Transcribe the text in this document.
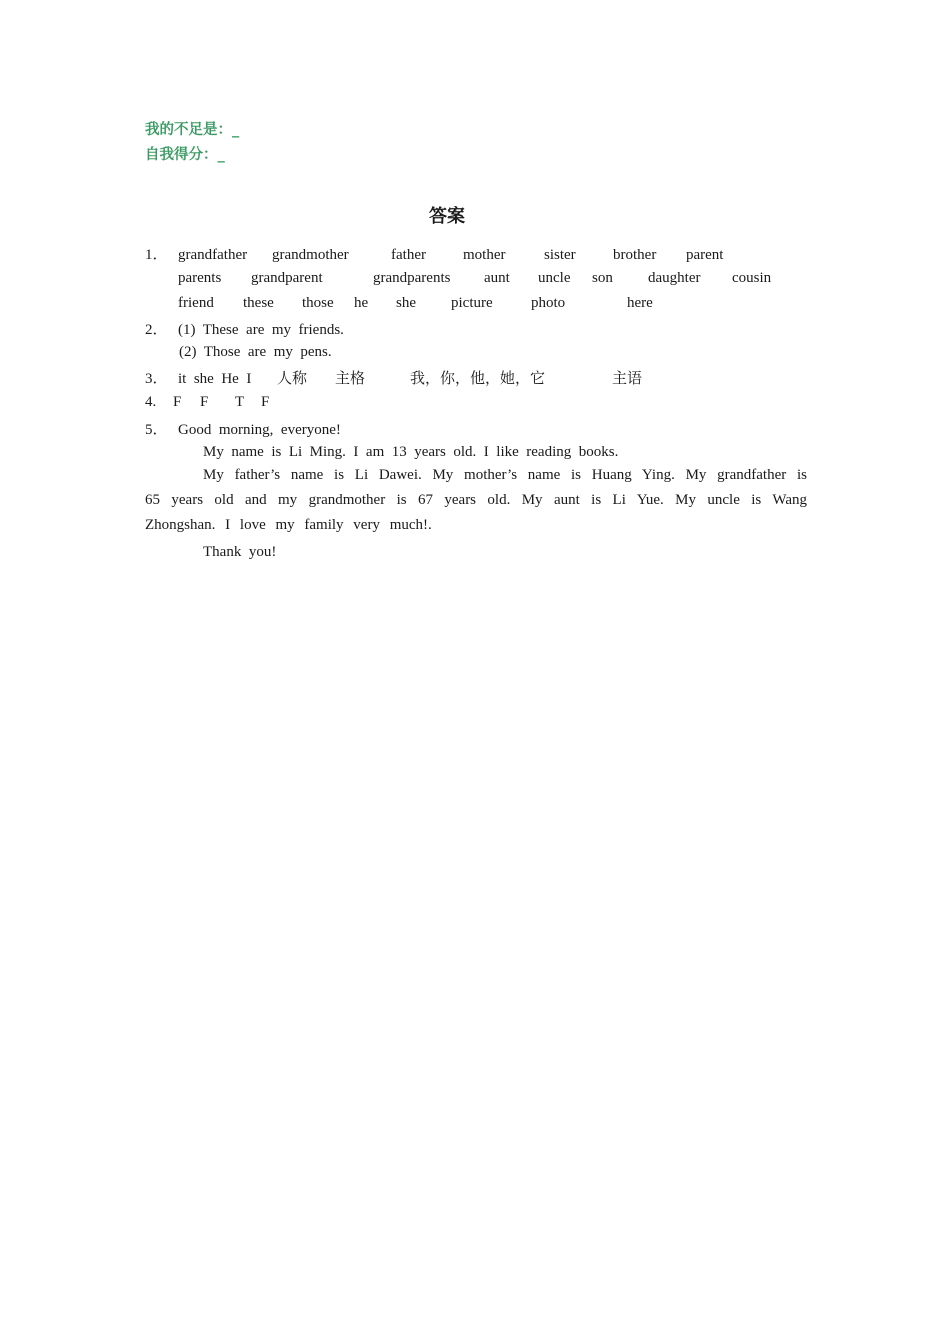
我的不足是：_
自我得分：_
答案
1． grandfather grandmother	father mother	sister brother parent
parents grandparent	grandparents aunt uncle son daughter cousin
friend these those he she picture	photo	here
2． (1)  These  are  my  friends.
(2)  Those  are  my  pens.
3． it  she  He  I 人称 主格	我，你，他，她，它	主语
4. F F T F
5． Good  morning,  everyone!
My  name  is  Li  Ming.  I  am  13  years  old.  I  like  reading  books.
My father’s name is Li Dawei. My mother’s name is Huang Ying. My grandfather is 65 years old and my grandmother is 67 years old. My aunt is Li Yue. My uncle is Wang Zhongshan. I love my family very much!.
Thank  you!
